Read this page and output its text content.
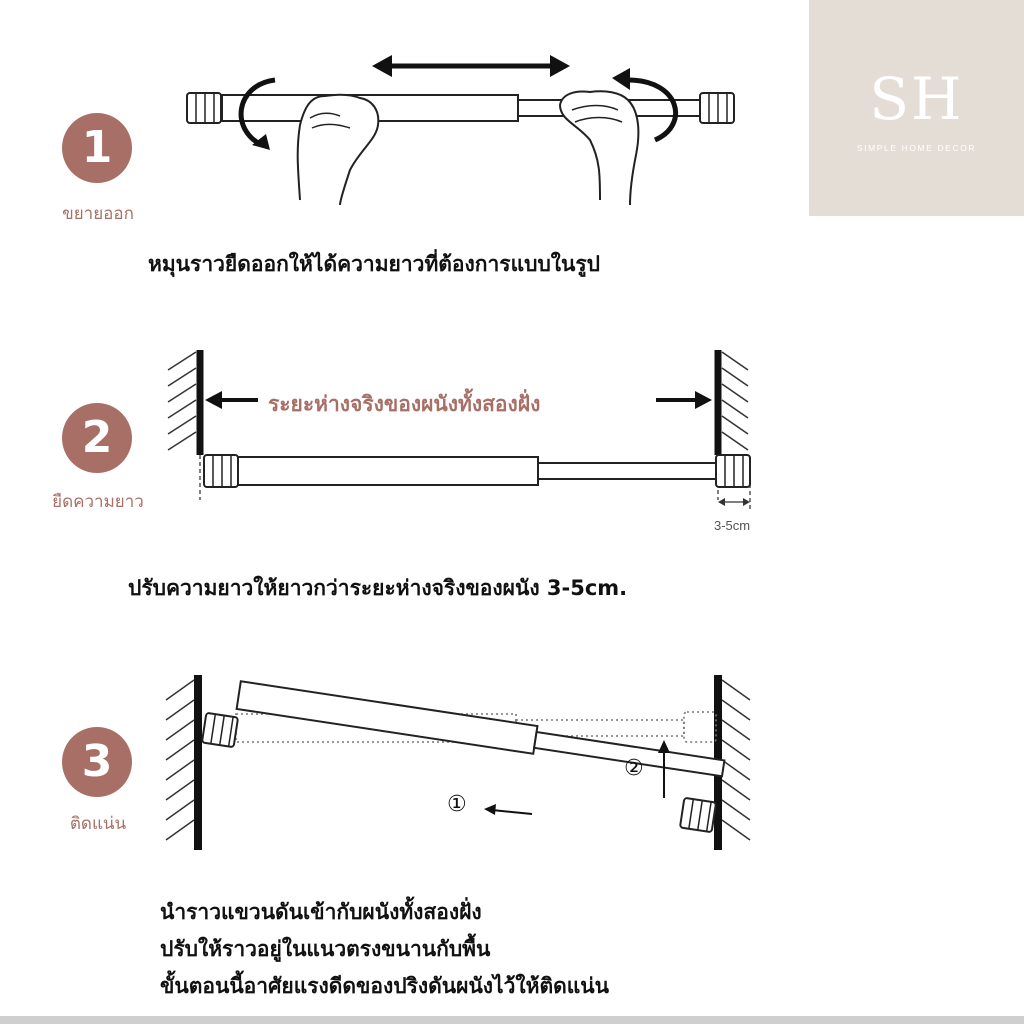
SH
SIMPLE HOME DECOR
1
ขยายออก
หมุนราวยืดออกให้ได้ความยาวที่ต้องการแบบในรูป
2
ยืดความยาว
ระยะห่างจริงของผนังทั้งสองฝั่ง
3-5cm
ปรับความยาวให้ยาวกว่าระยะห่างจริงของผนัง 3-5cm.
3
ติดแน่น
①
②
นำราวแขวนดันเข้ากับผนังทั้งสองฝั่ง
ปรับให้ราวอยู่ในแนวตรงขนานกับพื้น
ขั้นตอนนี้อาศัยแรงดีดของปริงดันผนังไว้ให้ติดแน่น
